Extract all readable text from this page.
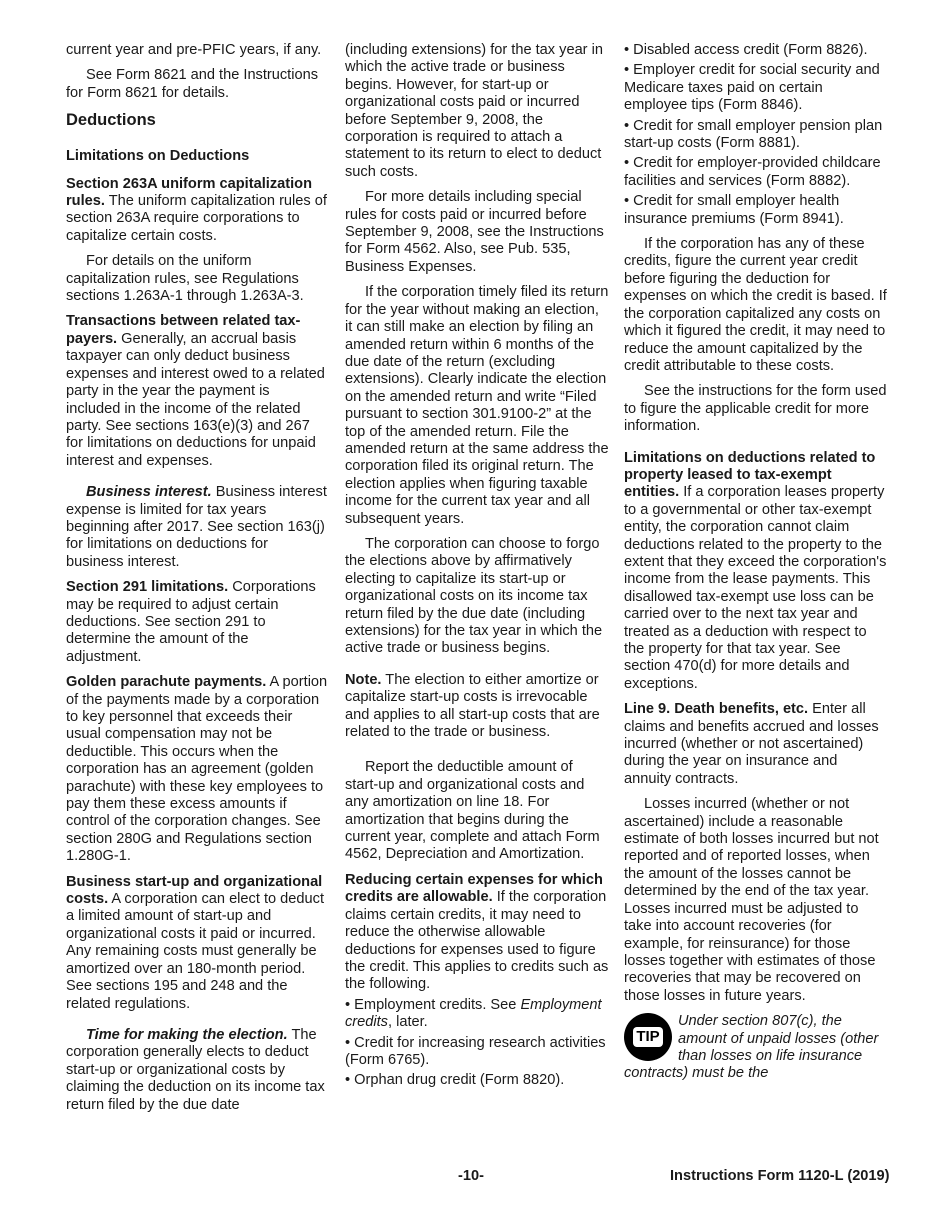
current year and pre-PFIC years, if any.

See Form 8621 and the Instructions for Form 8621 for details.

Deductions
Limitations on Deductions

Section 263A uniform capitalization rules. The uniform capitalization rules of section 263A require corporations to capitalize certain costs.

For details on the uniform capitalization rules, see Regulations sections 1.263A-1 through 1.263A-3.

Transactions between related taxpayers. Generally, an accrual basis taxpayer can only deduct business expenses and interest owed to a related party in the year the payment is included in the income of the related party. See sections 163(e)(3) and 267 for limitations on deductions for unpaid interest and expenses.

Business interest. Business interest expense is limited for tax years beginning after 2017. See section 163(j) for limitations on deductions for business interest.

Section 291 limitations. Corporations may be required to adjust certain deductions. See section 291 to determine the amount of the adjustment.

Golden parachute payments. A portion of the payments made by a corporation to key personnel that exceeds their usual compensation may not be deductible. This occurs when the corporation has an agreement (golden parachute) with these key employees to pay them these excess amounts if control of the corporation changes. See section 280G and Regulations section 1.280G-1.

Business start-up and organizational costs. A corporation can elect to deduct a limited amount of start-up and organizational costs it paid or incurred. Any remaining costs must generally be amortized over an 180-month period. See sections 195 and 248 and the related regulations.

Time for making the election. The corporation generally elects to deduct start-up or organizational costs by claiming the deduction on its income tax return filed by the due date

(including extensions) for the tax year in which the active trade or business begins. However, for start-up or organizational costs paid or incurred before September 9, 2008, the corporation is required to attach a statement to its return to elect to deduct such costs.

For more details including special rules for costs paid or incurred before September 9, 2008, see the Instructions for Form 4562. Also, see Pub. 535, Business Expenses.

If the corporation timely filed its return for the year without making an election, it can still make an election by filing an amended return within 6 months of the due date of the return (excluding extensions). Clearly indicate the election on the amended return and write “Filed pursuant to section 301.9100-2” at the top of the amended return. File the amended return at the same address the corporation filed its original return. The election applies when figuring taxable income for the current tax year and all subsequent years.

The corporation can choose to forgo the elections above by affirmatively electing to capitalize its start-up or organizational costs on its income tax return filed by the due date (including extensions) for the tax year in which the active trade or business begins.

Note. The election to either amortize or capitalize start-up costs is irrevocable and applies to all start-up costs that are related to the trade or business.

Report the deductible amount of start-up and organizational costs and any amortization on line 18. For amortization that begins during the current year, complete and attach Form 4562, Depreciation and Amortization.

Reducing certain expenses for which credits are allowable. If the corporation claims certain credits, it may need to reduce the otherwise allowable deductions for expenses used to figure the credit. This applies to credits such as the following.

• Employment credits. See Employment credits, later.
• Credit for increasing research activities (Form 6765).
• Orphan drug credit (Form 8820).
• Disabled access credit (Form 8826).
• Employer credit for social security and Medicare taxes paid on certain employee tips (Form 8846).
• Credit for small employer pension plan start-up costs (Form 8881).
• Credit for employer-provided childcare facilities and services (Form 8882).
• Credit for small employer health insurance premiums (Form 8941).

If the corporation has any of these credits, figure the current year credit before figuring the deduction for expenses on which the credit is based. If the corporation capitalized any costs on which it figured the credit, it may need to reduce the amount capitalized by the credit attributable to these costs.

See the instructions for the form used to figure the applicable credit for more information.

Limitations on deductions related to property leased to tax-exempt entities. If a corporation leases property to a governmental or other tax-exempt entity, the corporation cannot claim deductions related to the property to the extent that they exceed the corporation's income from the lease payments. This disallowed tax-exempt use loss can be carried over to the next tax year and treated as a deduction with respect to the property for that tax year. See section 470(d) for more details and exceptions.

Line 9. Death benefits, etc. Enter all claims and benefits accrued and losses incurred (whether or not ascertained) during the year on insurance and annuity contracts.

Losses incurred (whether or not ascertained) include a reasonable estimate of both losses incurred but not reported and of reported losses, when the amount of the losses cannot be determined by the end of the tax year. Losses incurred must be adjusted to take into account recoveries (for example, for reinsurance) for those losses together with estimates of those recoveries that may be recovered on those losses in future years.

TIP
Under section 807(c), the amount of unpaid losses (other than losses on life insurance contracts) must be the
-10-	Instructions Form 1120-L (2019)
